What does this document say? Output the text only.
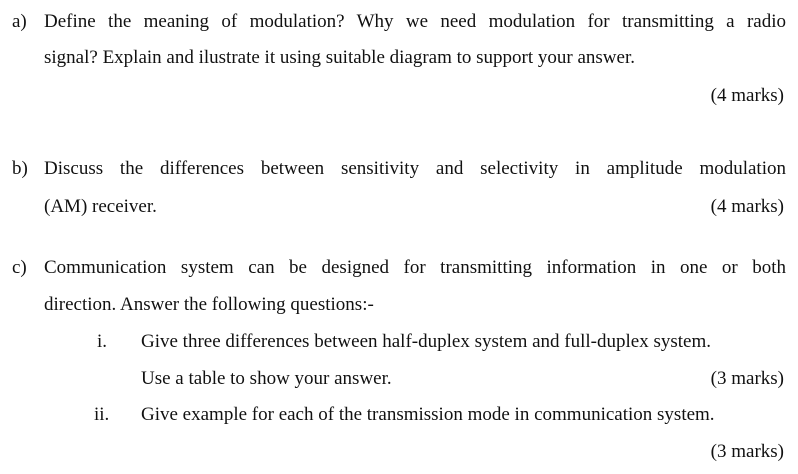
a) Define the meaning of modulation? Why we need modulation for transmitting a radio
signal? Explain and ilustrate it using suitable diagram to support your answer.
(4 marks)
b) Discuss the differences between sensitivity and selectivity in amplitude modulation
(AM) receiver.	(4 marks)
c) Communication system can be designed for transmitting information in one or both
direction. Answer the following questions:-
i. Give three differences between half-duplex system and full-duplex system.
Use a table to show your answer.	(3 marks)
ii. Give example for each of the transmission mode in communication system.
(3 marks)
